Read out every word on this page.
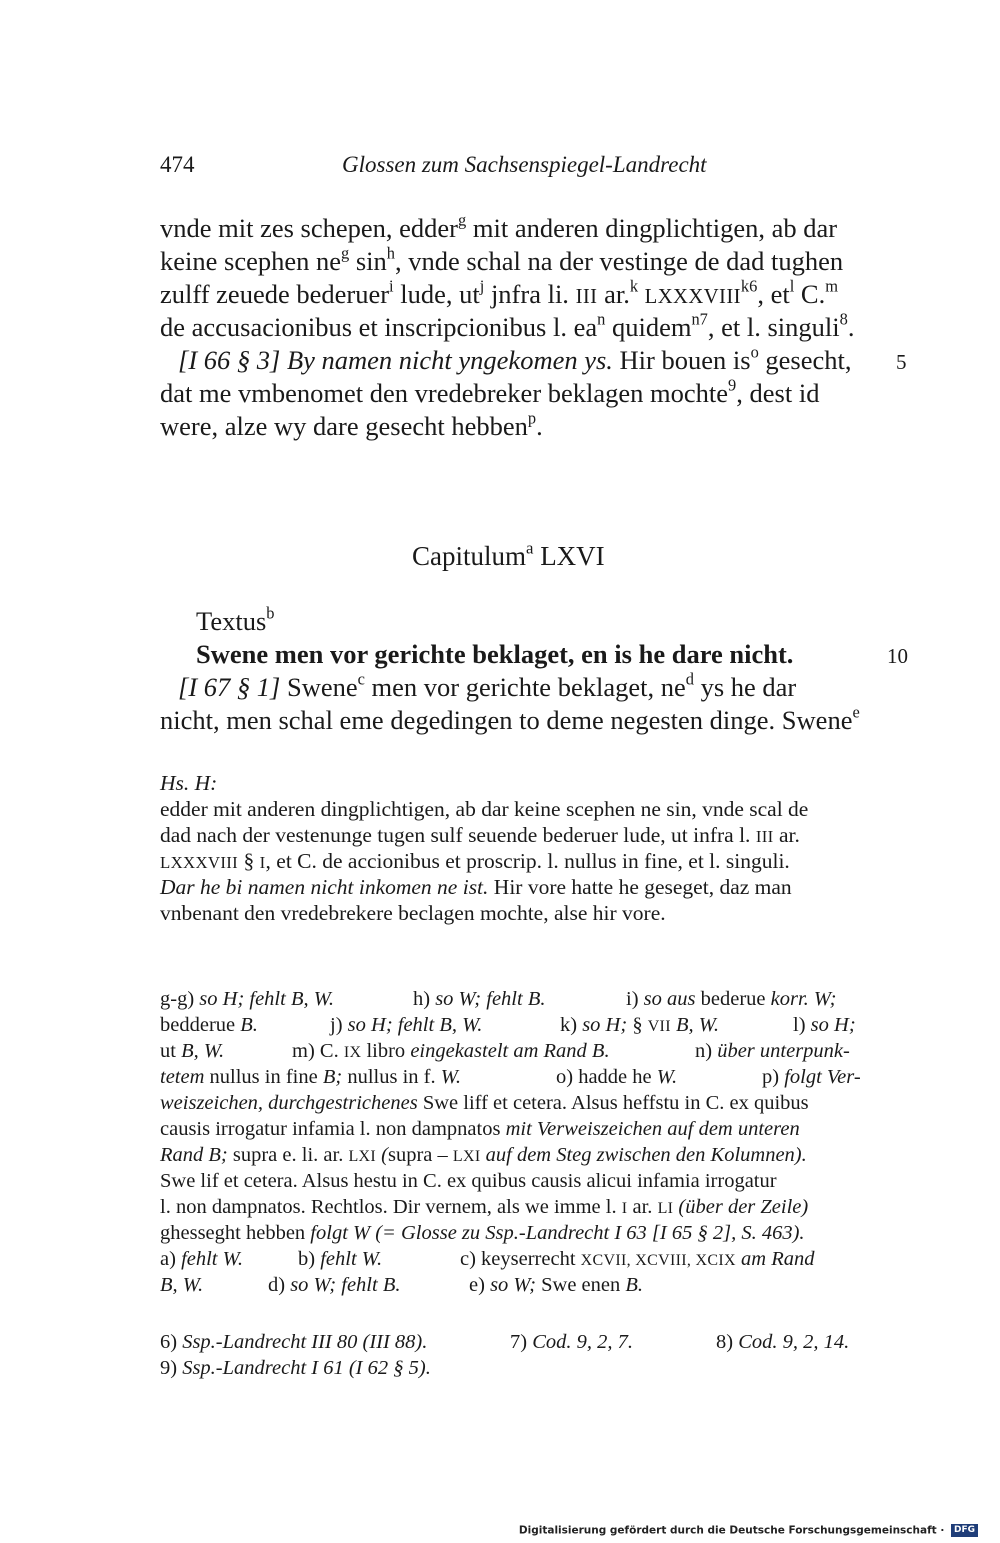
474	Glossen zum Sachsenspiegel-Landrecht
vnde mit zes schepen, edder$^g$ mit anderen dingplichtigen, ab dar
keine scephen $ne^g$ $\sin^h$, vnde schal na der vestinge de dad tughen
zulff zeuede bederuer$^i$ lude, $ut^j$ jnfra li. III ar.$^k$ $LXXXVIII^{k6}$, $et^l$ C.$^m$
de accusacionibus et inscripcionibus l. $ea^n$ quidem$^{n7}$, et l. singuli$^8$.
[I 66 § 3] By namen nicht yngekomen ys. Hir bouen $is^o$ gesecht, 5
dat me vmbenomet den vredebreker beklagen mochte$^9$, dest id
were, alze wy dare gesecht hebben$^p$.
Capitulum$^a$ LXVI
Textus$^b$
Swene men vor gerichte beklaget, en is he dare nicht.	10
[I 67 § 1] Swene$^c$ men vor gerichte beklaget, $ne^d$ ys he dar
nicht, men schal eme degedingen to deme negesten dinge. Swene$^e$
Hs. H:
edder mit anderen dingplichtigen, ab dar keine scephen ne sin, vnde scal de
dad nach der vestenunge tugen sulf seuende bederuer lude, ut infra l. III ar.
LXXXVIII § I, et C. de accionibus et proscrip. l. nullus in fine, et l. singuli.
Dar he bi namen nicht inkomen ne ist. Hir vore hatte he geseget, daz man
vnbenant den vredebrekere beclagen mochte, alse hir vore.
g-g) so H; fehlt B, W.	h) so W; fehlt B.	i) so aus bederue korr. W;
bedderue B.	j) so H; fehlt B, W.	k) so H; § VII B, W.	l) so H;
ut B, W.	m) C. IX libro eingekastelt am Rand B.	n) über unterpunk-
tetem nullus in fine B; nullus in f. W.	o) hadde he W.	p) folgt Ver-
weiszeichen, durchgestrichenes Swe liff et cetera. Alsus heffstu in C. ex quibus
causis irrogatur infamia l. non dampnatos mit Verweiszeichen auf dem unteren
Rand B; supra e. li. ar. LXI (supra – LXI auf dem Steg zwischen den Kolumnen).
Swe lif et cetera. Alsus hestu in C. ex quibus causis alicui infamia irrogatur
l. non dampnatos. Rechtlos. Dir vernem, als we imme l. I ar. LI (über der Zeile)
ghesseght hebben folgt W (= Glosse zu Ssp.-Landrecht I 63 [I 65 § 2], S. 463).
a) fehlt W.	b) fehlt W.	c) keyserrecht XCVII, XCVIII, XCIX am Rand
B, W.	d) so W; fehlt B.	e) so W; Swe enen B.
6) Ssp.-Landrecht III 80 (III 88).	7) Cod. 9, 2, 7.	8) Cod. 9, 2, 14.
9) Ssp.-Landrecht I 61 (I 62 § 5).
Digitalisierung gefördert durch die Deutsche Forschungsgemeinschaft · DFG
